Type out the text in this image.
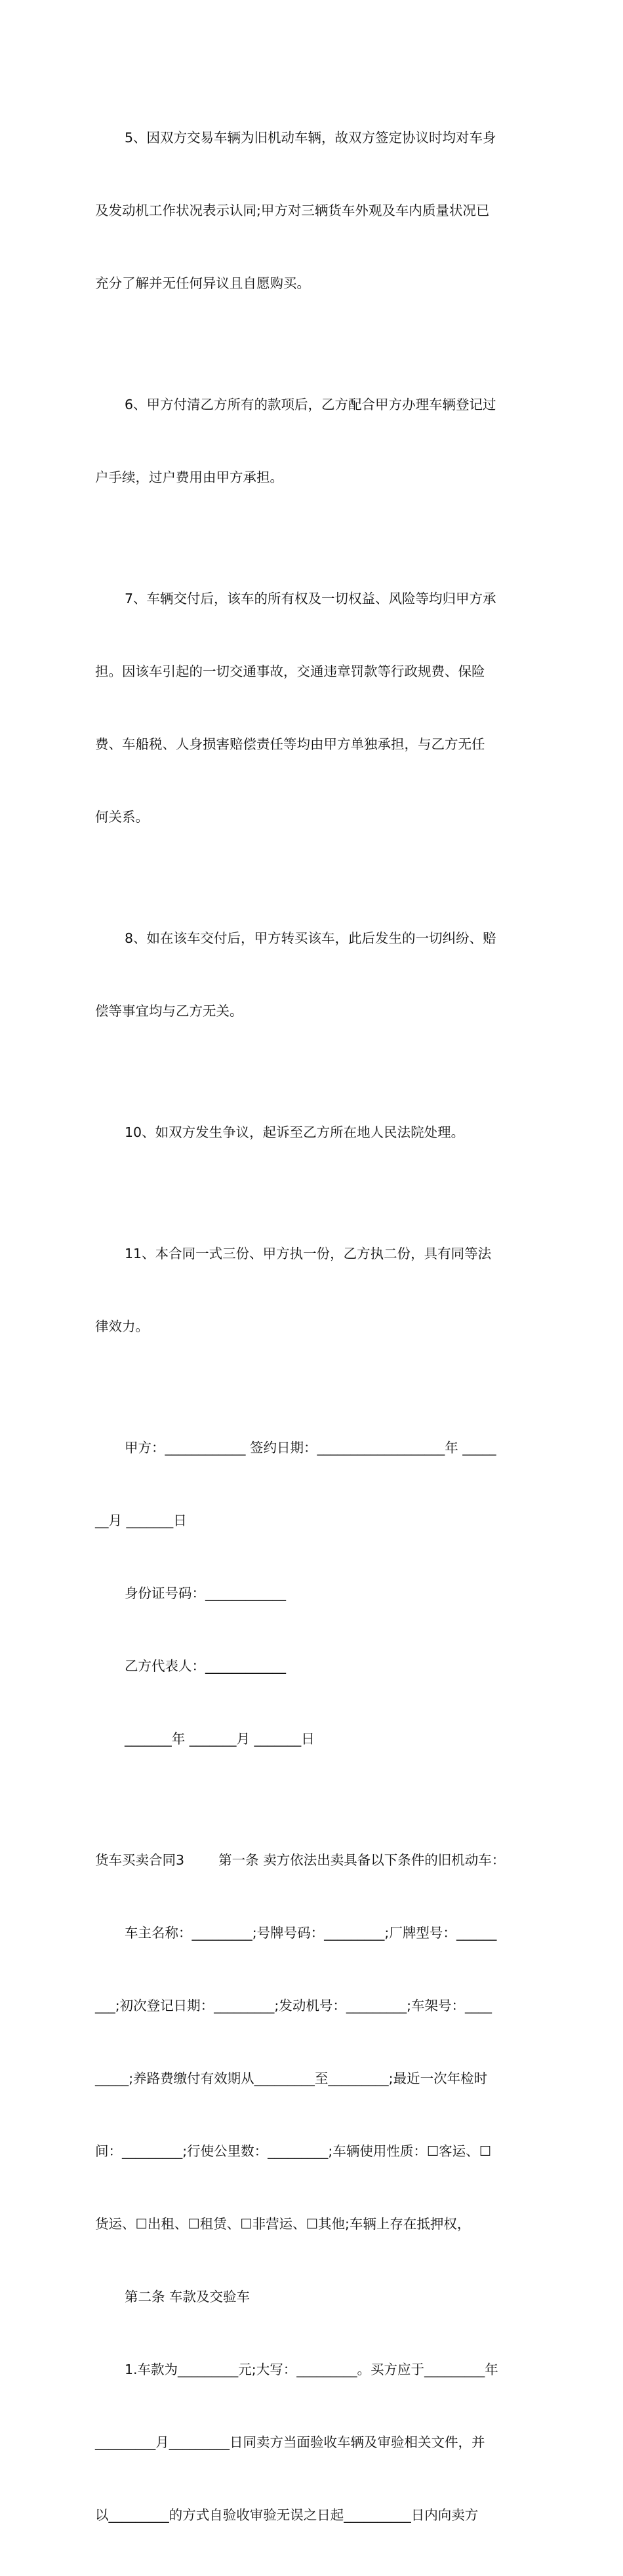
5、因双方交易车辆为旧机动车辆，故双方签定协议时均对车身

及发动机工作状况表示认同;甲方对三辆货车外观及车内质量状况已

充分了解并无任何异议且自愿购买。

6、甲方付清乙方所有的款项后，乙方配合甲方办理车辆登记过

户手续，过户费用由甲方承担。

7、车辆交付后，该车的所有权及一切权益、风险等均归甲方承

担。因该车引起的一切交通事故，交通违章罚款等行政规费、保险

费、车船税、人身损害赔偿责任等均由甲方单独承担，与乙方无任

何关系。

8、如在该车交付后，甲方转买该车，此后发生的一切纠纷、赔

偿等事宜均与乙方无关。

10、如双方发生争议，起诉至乙方所在地人民法院处理。

11、本合同一式三份、甲方执一份，乙方执二份，具有同等法

律效力。

甲方：____________ 签约日期：___________________年 _____

__月 _______日

身份证号码：____________

乙方代表人：____________

_______年 _______月 _______日

货车买卖合同3        第一条 卖方依法出卖具备以下条件的旧机动车：

车主名称：_________;号牌号码：_________;厂牌型号：______

___;初次登记日期：_________;发动机号：_________;车架号：____

_____;养路费缴付有效期从_________至_________;最近一次年检时

间：_________;行使公里数：_________;车辆使用性质：☐客运、☐

货运、☐出租、☐租赁、☐非营运、☐其他;车辆上存在抵押权，

第二条 车款及交验车

1.车款为_________元;大写：_________。买方应于_________年

_________月_________日同卖方当面验收车辆及审验相关文件，并

以_________的方式自验收审验无误之日起__________日内向卖方
